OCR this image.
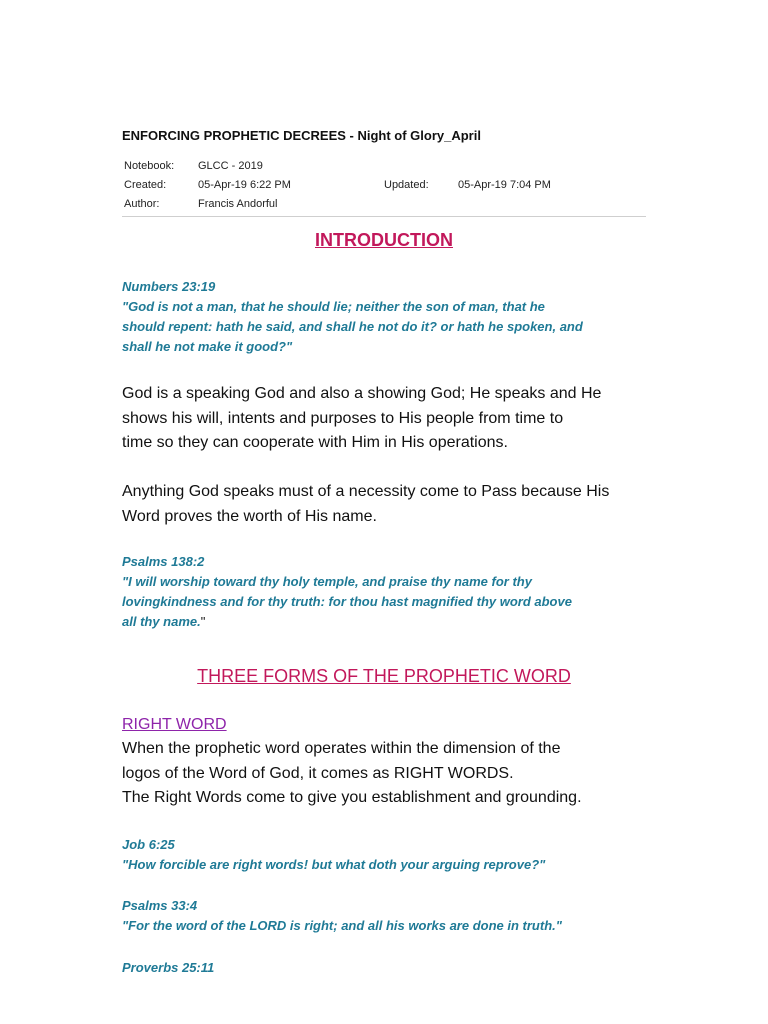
ENFORCING PROPHETIC DECREES - Night of Glory_April
Notebook: GLCC - 2019
Created:	05-Apr-19 6:22 PM	Updated:	05-Apr-19 7:04 PM
Author:	Francis Andorful
INTRODUCTION
Numbers 23:19
"God is not a man, that he should lie; neither the son of man, that he
should repent: hath he said, and shall he not do it? or hath he spoken, and
shall he not make it good?"
God is a speaking God and also a showing God; He speaks and He
shows his will, intents and purposes to His people from time to
time so they can cooperate with Him in His operations.
Anything God speaks must of a necessity come to Pass because His
Word proves the worth of His name.
Psalms 138:2
"I will worship toward thy holy temple, and praise thy name for thy
lovingkindness and for thy truth: for thou hast magnified thy word above
all thy name."
THREE FORMS OF THE PROPHETIC WORD
RIGHT WORD
When the prophetic word operates within the dimension of the
logos of the Word of God, it comes as RIGHT WORDS.
The Right Words come to give you establishment and grounding.
Job 6:25
"How forcible are right words! but what doth your arguing reprove?"
Psalms 33:4
"For the word of the LORD is right; and all his works are done in truth."
Proverbs 25:11
